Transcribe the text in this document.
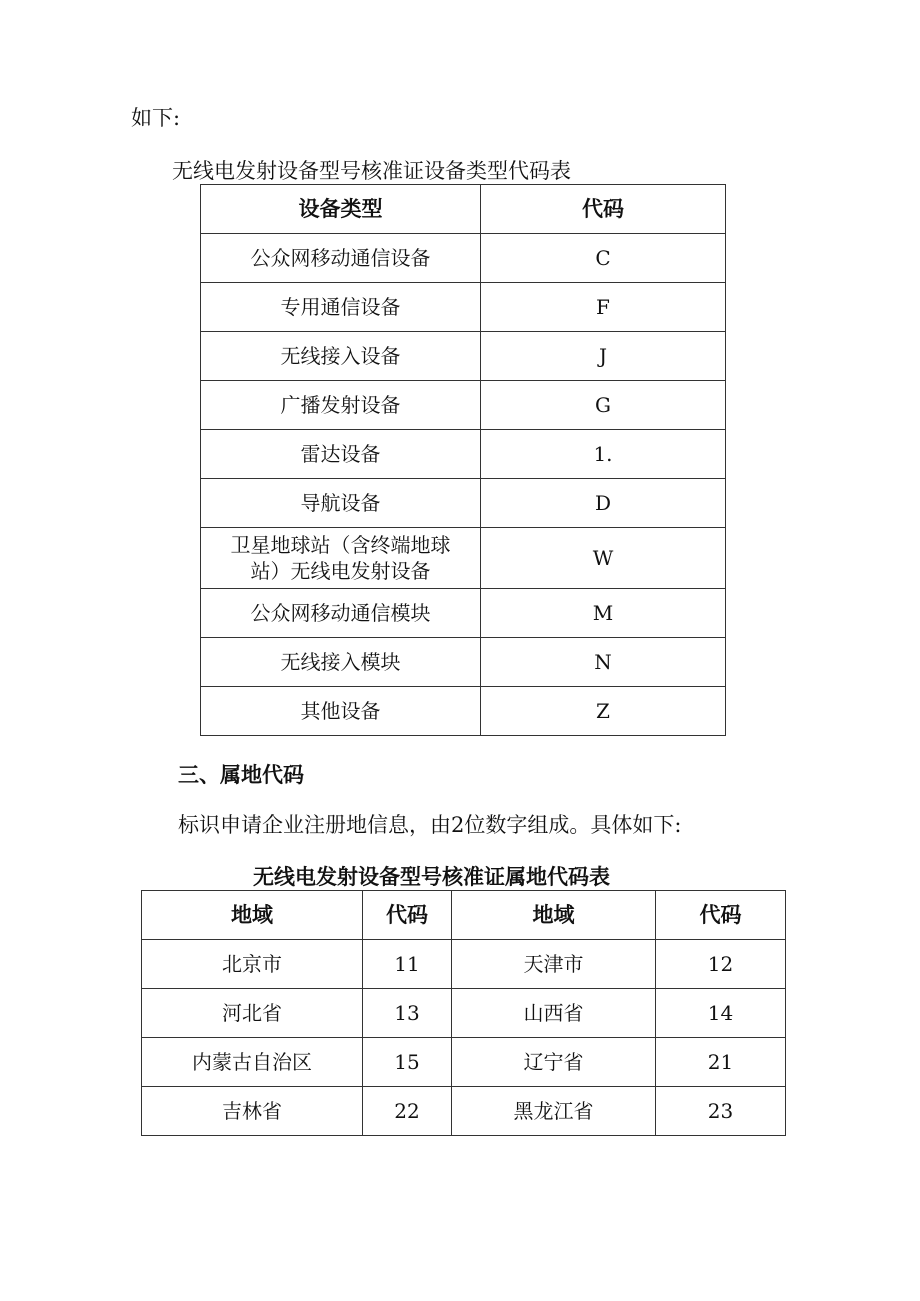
如下:
无线电发射设备型号核准证设备类型代码表
设备类型	代码
公众网移动通信设备	C
专用通信设备	F
无线接入设备	J
广播发射设备	G
雷达设备	1.
导航设备	D

卫星地球站（含终端地球
站）无线电发射设备	W
公众网移动通信模块	M
无线接入模块	N
其他设备	Z
三、属地代码
标识申请企业注册地信息，由2位数字组成。具体如下:
无线电发射设备型号核准证属地代码表
地域	代码	地域	代码
北京市	11	天津市	12
河北省	13	山西省	14
内蒙古自治区	15	辽宁省	21
吉林省	22	黑龙江省	23
